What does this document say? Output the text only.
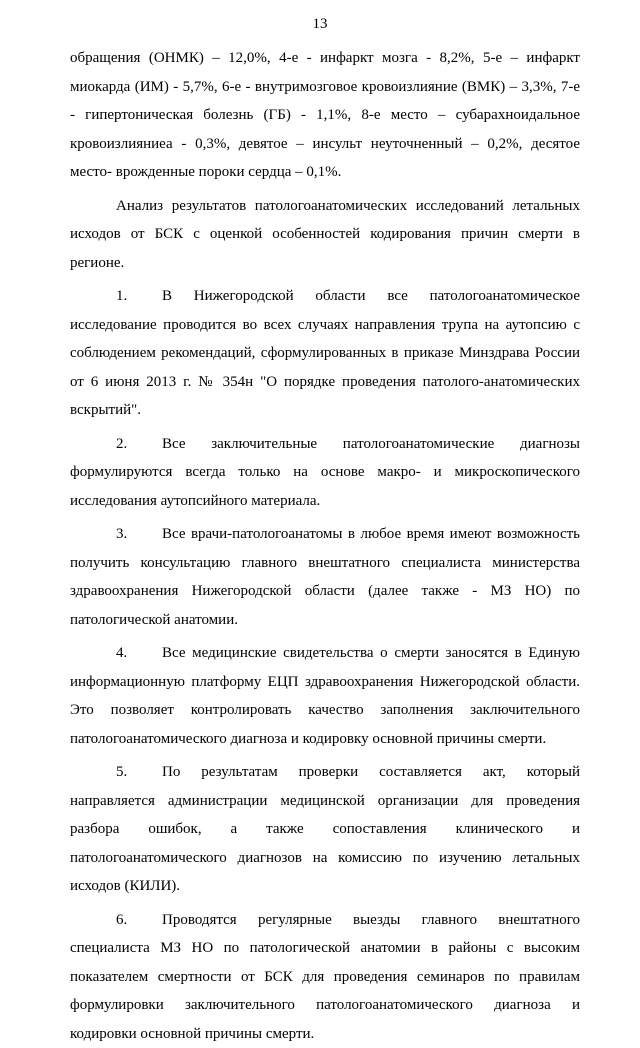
13

обращения (ОНМК) – 12,0%, 4-е - инфаркт мозга - 8,2%, 5-е – инфаркт миокарда (ИМ) - 5,7%, 6-е - внутримозговое кровоизлияние (ВМК) – 3,3%, 7-е - гипертоническая болезнь (ГБ) - 1,1%, 8-е место – субарахноидальное кровоизлияниеа - 0,3%, девятое – инсульт неуточненный – 0,2%, десятое место- врожденные пороки сердца – 0,1%.

Анализ результатов патологоанатомических исследований летальных исходов от БСК с оценкой особенностей кодирования причин смерти в регионе.

1. В Нижегородской области все патологоанатомическое исследование проводится во всех случаях направления трупа на аутопсию с соблюдением рекомендаций, сформулированных в приказе Минздрава России от 6 июня 2013 г. № 354н "О порядке проведения патолого-анатомических вскрытий".

2. Все заключительные патологоанатомические диагнозы формулируются всегда только на основе макро- и микроскопического исследования аутопсийного материала.

3. Все врачи-патологоанатомы в любое время имеют возможность получить консультацию главного внештатного специалиста министерства здравоохранения Нижегородской области (далее также - МЗ НО) по патологической анатомии.

4. Все медицинские свидетельства о смерти заносятся в Единую информационную платформу ЕЦП здравоохранения Нижегородской области. Это позволяет контролировать качество заполнения заключительного патологоанатомического диагноза и кодировку основной причины смерти.

5. По результатам проверки составляется акт, который направляется администрации медицинской организации для проведения разбора ошибок, а также сопоставления клинического и патологоанатомического диагнозов на комиссию по изучению летальных исходов (КИЛИ).

6. Проводятся регулярные выезды главного внештатного специалиста МЗ НО по патологической анатомии в районы с высоким показателем смертности от БСК для проведения семинаров по правилам формулировки заключительного патологоанатомического диагноза и кодировки основной причины смерти.
